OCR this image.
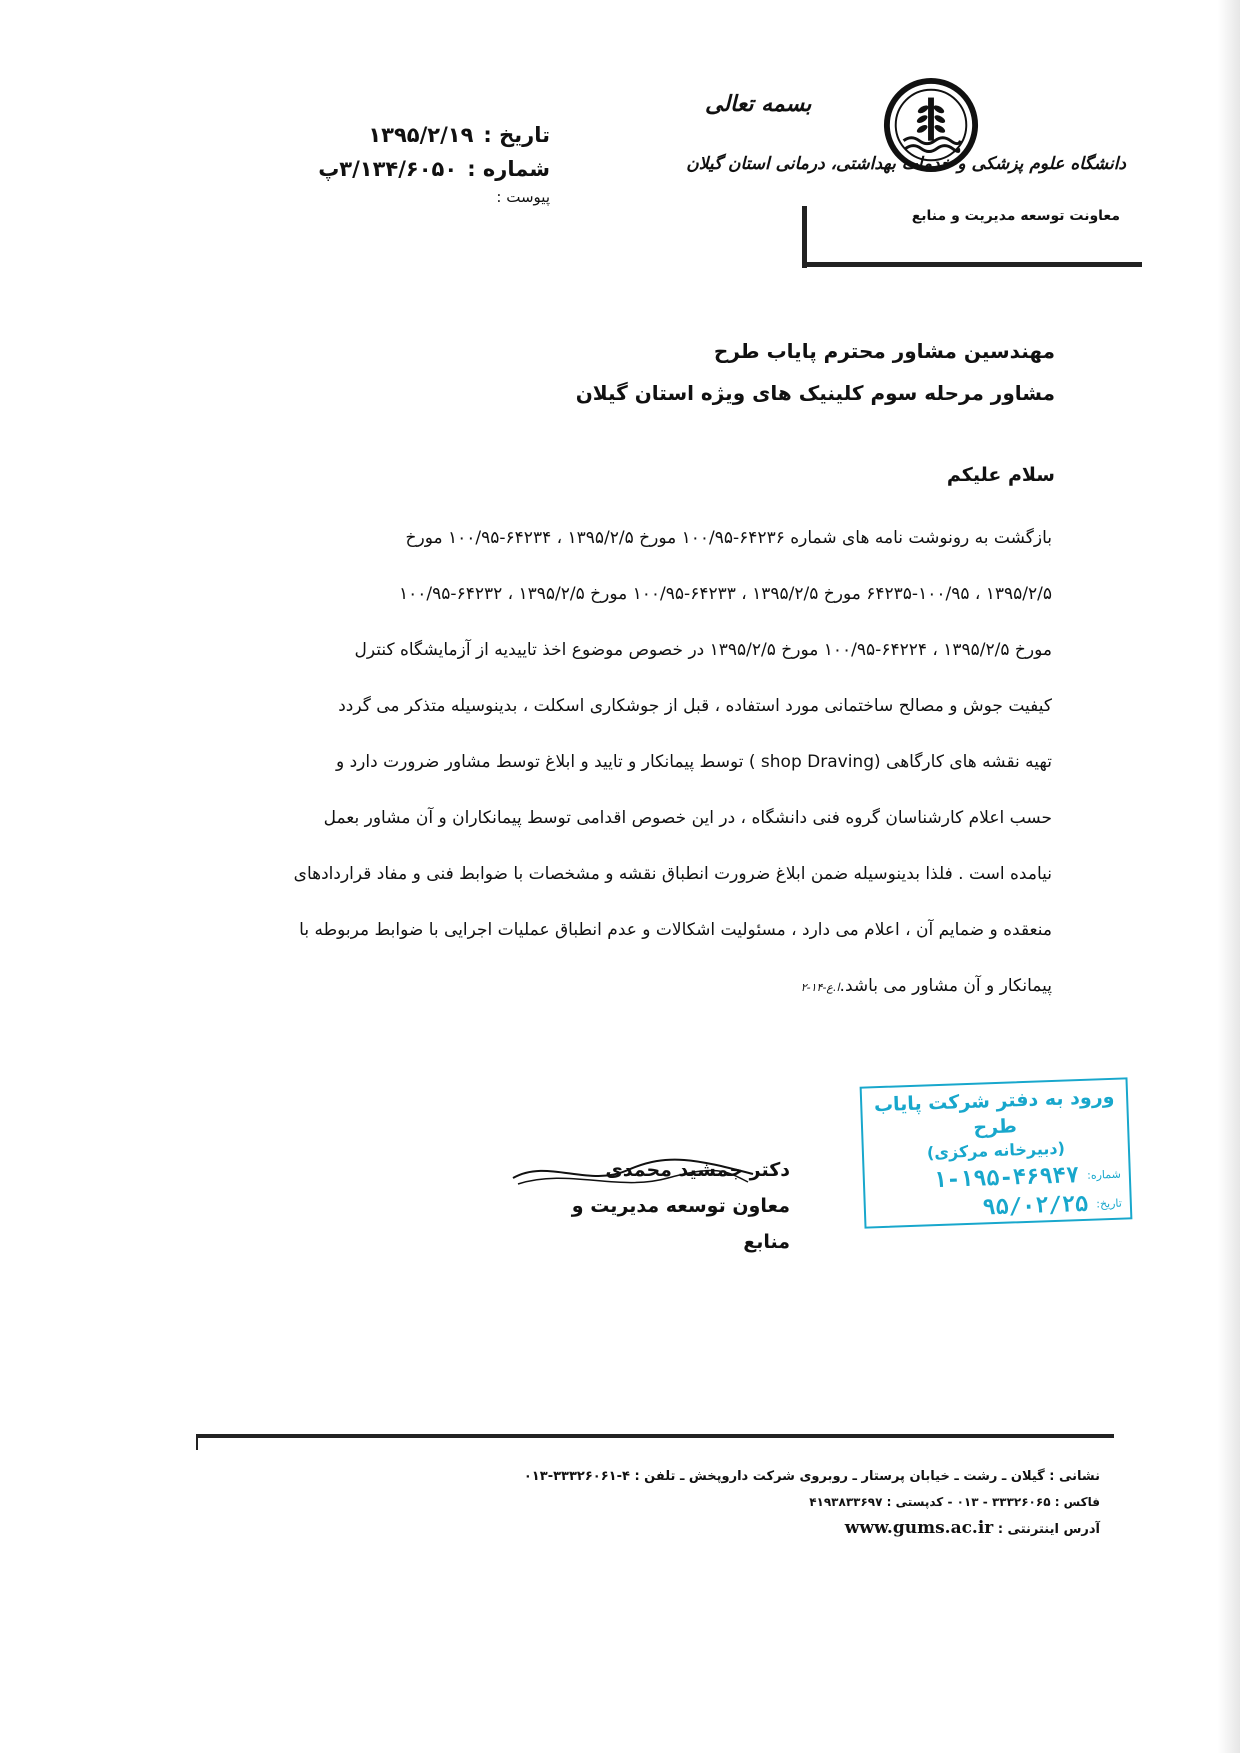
تاریخ :
۱۳۹۵/۲/۱۹
شماره :
۳/۱۳۴/۶۰۵۰پ
پیوست :
بسمه تعالی
دانشگاه علوم پزشکی و خدمات بهداشتی، درمانی استان گیلان
معاونت توسعه مدیریت و منابع
مهندسین مشاور محترم پایاب طرح
مشاور مرحله سوم کلینیک های ویژه استان گیلان
سلام علیکم
بازگشت به رونوشت نامه های شماره ۶۴۲۳۶-۱۰۰/۹۵ مورخ ۱۳۹۵/۲/۵ ، ۶۴۲۳۴-۱۰۰/۹۵ مورخ
۱۳۹۵/۲/۵ ، ۶۴۲۳۵-۱۰۰/۹۵ مورخ ۱۳۹۵/۲/۵ ، ۶۴۲۳۳-۱۰۰/۹۵ مورخ ۱۳۹۵/۲/۵ ، ۶۴۲۳۲-۱۰۰/۹۵
مورخ ۱۳۹۵/۲/۵ ، ۶۴۲۲۴-۱۰۰/۹۵ مورخ ۱۳۹۵/۲/۵ در خصوص موضوع اخذ تاییدیه از آزمایشگاه کنترل
کیفیت جوش و مصالح ساختمانی مورد استفاده ، قبل از جوشکاری اسکلت ، بدینوسیله متذکر می گردد
تهیه نقشه های کارگاهی (shop Draving ) توسط پیمانکار و تایید و ابلاغ توسط مشاور ضرورت دارد و
حسب اعلام کارشناسان گروه فنی دانشگاه ، در این خصوص اقدامی توسط پیمانکاران و آن مشاور بعمل
نیامده است . فلذا بدینوسیله ضمن ابلاغ ضرورت انطباق نقشه و مشخصات با ضوابط فنی و مفاد قراردادهای
منعقده و ضمایم آن ، اعلام می دارد ، مسئولیت اشکالات و عدم انطباق عملیات اجرایی با ضوابط مربوطه با
پیمانکار و آن مشاور می باشد.ا.ع-۱۴-۲
دکتر جمشید محمدی
معاون توسعه مدیریت و منابع
ورود به دفتر شرکت پایاب طرح
(دبیرخانه مرکزی)
شماره:
۱-۱۹۵-۴۶۹۴۷
تاریخ:
۹۵/۰۲/۲۵
نشانی : گیلان ـ رشت ـ خیابان پرستار ـ روبروی شرکت داروپخش ـ تلفن : ۴-۳۳۳۲۶۰۶۱-۰۱۳
فاکس : ۳۳۳۲۶۰۶۵ - ۰۱۳ - کدپستی : ۴۱۹۳۸۳۳۶۹۷
آدرس اینترنتی : www.gums.ac.ir
